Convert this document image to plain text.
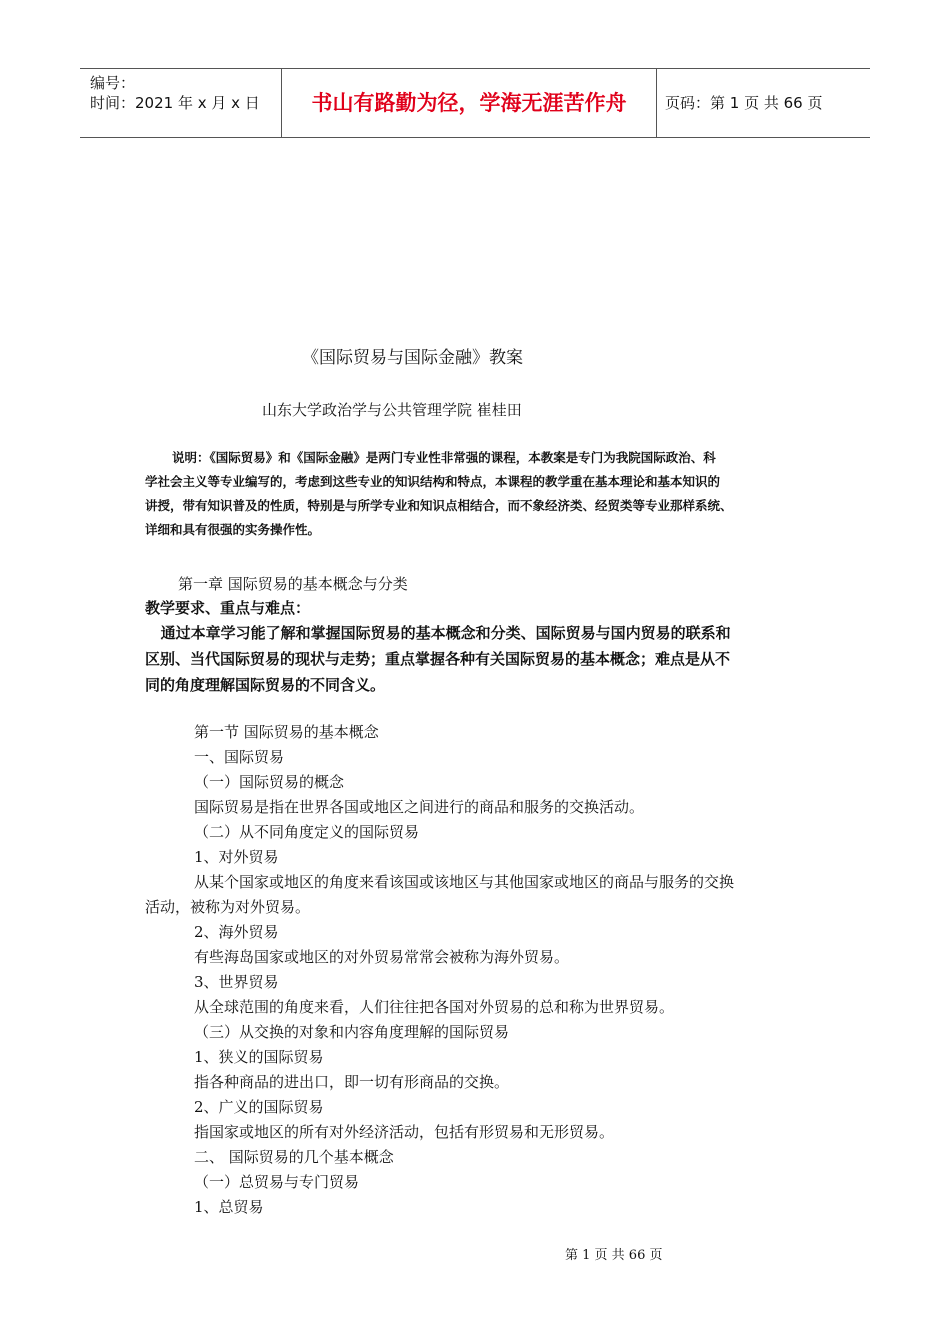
编号：
时间：2021 年 x 月 x 日	书山有路勤为径，学海无涯苦作舟	页码：第 1 页 共 66 页
《国际贸易与国际金融》教案
山东大学政治学与公共管理学院 崔桂田
说明：《国际贸易》和《国际金融》是两门专业性非常强的课程，本教案是专门为我院国际政治、科
学社会主义等专业编写的，考虑到这些专业的知识结构和特点，本课程的教学重在基本理论和基本知识的
讲授，带有知识普及的性质，特别是与所学专业和知识点相结合，而不象经济类、经贸类等专业那样系统、
详细和具有很强的实务操作性。
第一章 国际贸易的基本概念与分类
教学要求、重点与难点：
通过本章学习能了解和掌握国际贸易的基本概念和分类、国际贸易与国内贸易的联系和
区别、当代国际贸易的现状与走势；重点掌握各种有关国际贸易的基本概念；难点是从不
同的角度理解国际贸易的不同含义。
第一节 国际贸易的基本概念
一、国际贸易
（一）国际贸易的概念
国际贸易是指在世界各国或地区之间进行的商品和服务的交换活动。
（二）从不同角度定义的国际贸易
1、对外贸易
从某个国家或地区的角度来看该国或该地区与其他国家或地区的商品与服务的交换
活动，被称为对外贸易。
2、海外贸易
有些海岛国家或地区的对外贸易常常会被称为海外贸易。
3、世界贸易
从全球范围的角度来看，人们往往把各国对外贸易的总和称为世界贸易。
（三）从交换的对象和内容角度理解的国际贸易
1、狭义的国际贸易
指各种商品的进出口，即一切有形商品的交换。
2、广义的国际贸易
指国家或地区的所有对外经济活动，包括有形贸易和无形贸易。
二、 国际贸易的几个基本概念
（一）总贸易与专门贸易
1、总贸易
第 1 页 共 66 页
